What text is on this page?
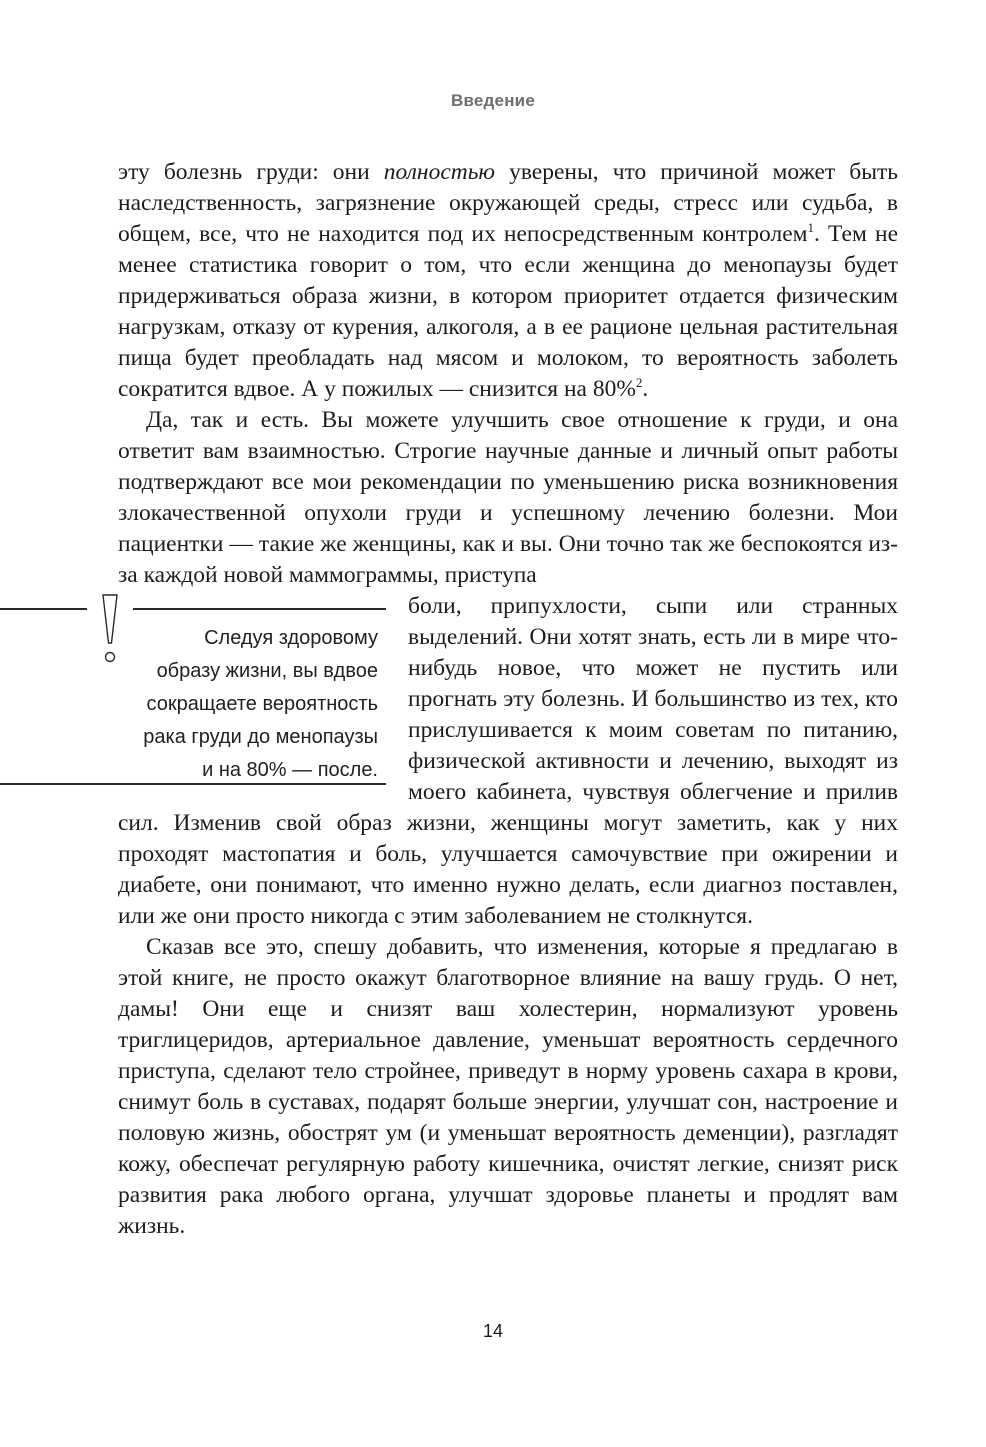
Введение

эту болезнь груди: они полностью уверены, что причиной может быть наследственность, загрязнение окружающей среды, стресс или судьба, в общем, все, что не находится под их непосредственным контролем$^1$. Тем не менее статистика говорит о том, что если женщина до менопаузы будет придерживаться образа жизни, в котором приоритет отдается физическим нагрузкам, отказу от курения, алкоголя, а в ее рационе цельная растительная пища будет преобладать над мясом и молоком, то вероятность заболеть сократится вдвое. А у пожилых — снизится на 80%$^2$.

Да, так и есть. Вы можете улучшить свое отношение к груди, и она ответит вам взаимностью. Строгие научные данные и личный опыт работы подтверждают все мои рекомендации по уменьшению риска возникновения злокачественной опухоли груди и успешному лечению болезни. Мои пациентки — такие же женщины, как и вы. Они точно так же беспокоятся из-за каждой новой маммограммы, приступа

Следуя здоровому
образу жизни, вы вдвое
сокращаете вероятность
рака груди до менопаузы
и на 80% — после.

боли, припухлости, сыпи или странных выделений. Они хотят знать, есть ли в мире что-нибудь новое, что может не пустить или прогнать эту болезнь. И большинство из тех, кто прислушивается к моим советам по питанию, физической активности и лечению, выходят из моего кабинета, чувствуя облегчение и прилив сил. Изменив свой образ жизни, женщины могут заметить, как у них проходят мастопатия и боль, улучшается самочувствие при ожирении и диабете, они понимают, что именно нужно делать, если диагноз поставлен, или же они просто никогда с этим заболеванием не столкнутся.

Сказав все это, спешу добавить, что изменения, которые я предлагаю в этой книге, не просто окажут благотворное влияние на вашу грудь. О нет, дамы! Они еще и снизят ваш холестерин, нормализуют уровень триглицеридов, артериальное давление, уменьшат вероятность сердечного приступа, сделают тело стройнее, приведут в норму уровень сахара в крови, снимут боль в суставах, подарят больше энергии, улучшат сон, настроение и половую жизнь, обострят ум (и уменьшат вероятность деменции), разгладят кожу, обеспечат регулярную работу кишечника, очистят легкие, снизят риск развития рака любого органа, улучшат здоровье планеты и продлят вам жизнь.

14
